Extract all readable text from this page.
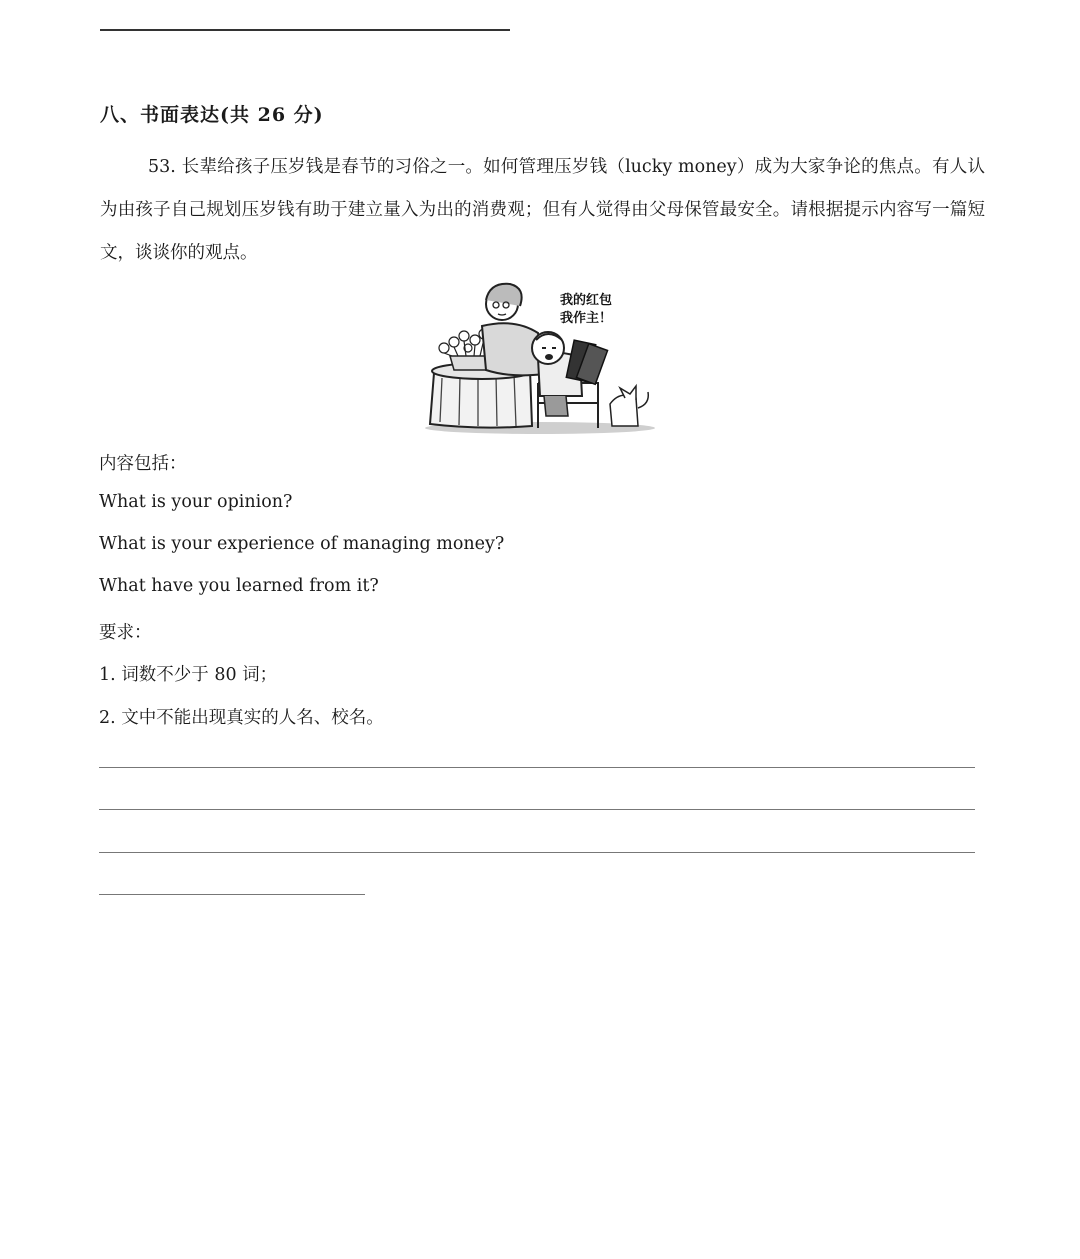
八、书面表达(共 26 分)
53. 长辈给孩子压岁钱是春节的习俗之一。如何管理压岁钱（lucky money）成为大家争论的焦点。有人认为由孩子自己规划压岁钱有助于建立量入为出的消费观；但有人觉得由父母保管最安全。请根据提示内容写一篇短文，谈谈你的观点。
我的红包
我作主！
内容包括：
What is your opinion?
What is your experience of managing money?
What have you learned from it?
要求：
1. 词数不少于 80 词；
2. 文中不能出现真实的人名、校名。
